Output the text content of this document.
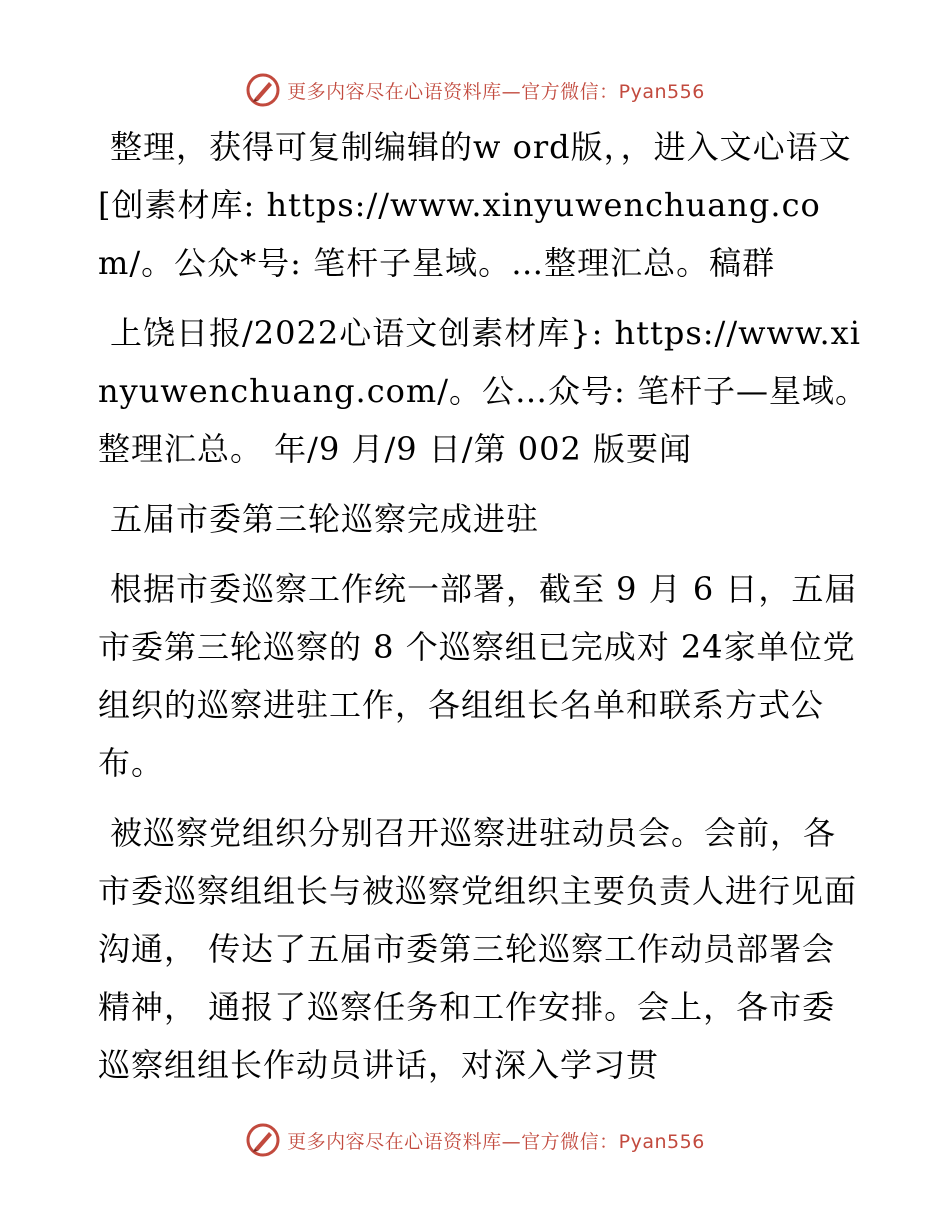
更多内容尽在心语资料库—官方微信：Pyan556

整理，获得可复制编辑的w ord版，，进入文心语文[创素材库: https://www.xinyuwenchuang.com/。公众*号: 笔杆子星域。…整理汇总。稿群

上饶日报/2022心语文创素材库}: https://www.xinyuwenchuang.com/。公…众号: 笔杆子—星域。整理汇总。 年/9 月/9 日/第 002 版要闻

五届市委第三轮巡察完成进驻

根据市委巡察工作统一部署，截至 9 月 6 日，五届市委第三轮巡察的 8 个巡察组已完成对 24家单位党组织的巡察进驻工作，各组组长名单和联系方式公布。

被巡察党组织分别召开巡察进驻动员会。会前，各市委巡察组组长与被巡察党组织主要负责人进行见面沟通， 传达了五届市委第三轮巡察工作动员部署会精神， 通报了巡察任务和工作安排。会上，各市委巡察组组长作动员讲话，对深入学习贯

更多内容尽在心语资料库—官方微信：Pyan556
